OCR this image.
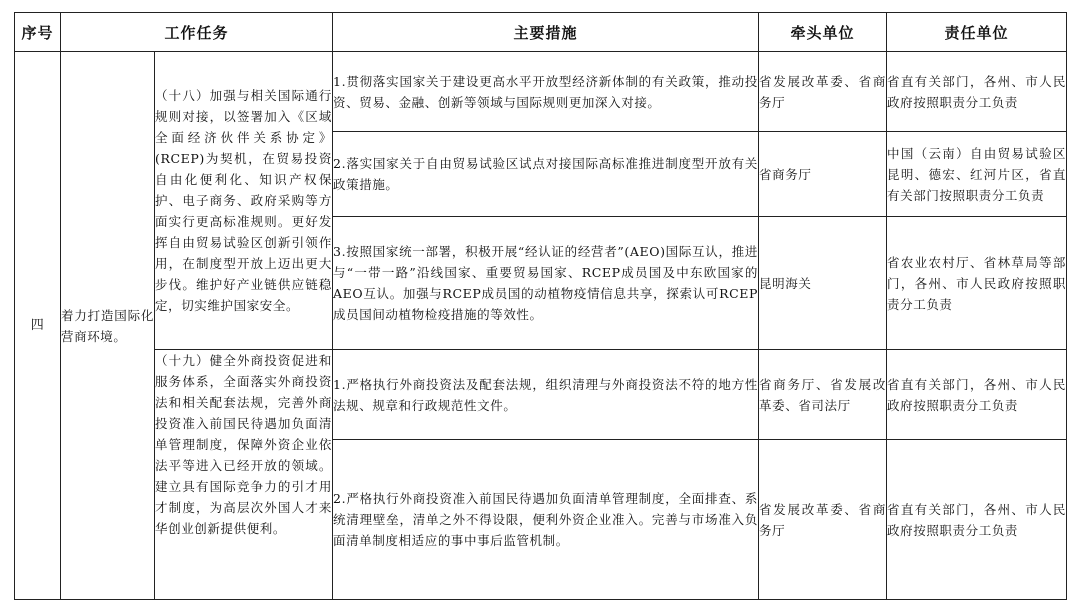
序号	工作任务		主要措施	牵头单位	责任单位
四	着力打造国际化营商环境。	（十八）加强与相关国际通行规则对接，以签署加入《区域全面经济伙伴关系协定》(RCEP)为契机，在贸易投资自由化便利化、知识产权保护、电子商务、政府采购等方面实行更高标准规则。更好发挥自由贸易试验区创新引领作用，在制度型开放上迈出更大步伐。维护好产业链供应链稳定，切实维护国家安全。	1.贯彻落实国家关于建设更高水平开放型经济新体制的有关政策，推动投资、贸易、金融、创新等领域与国际规则更加深入对接。	省发展改革委、省商务厅	省直有关部门，各州、市人民政府按照职责分工负责
			2.落实国家关于自由贸易试验区试点对接国际高标准推进制度型开放有关政策措施。	省商务厅	中国（云南）自由贸易试验区昆明、德宏、红河片区，省直有关部门按照职责分工负责
			3.按照国家统一部署，积极开展“经认证的经营者”(AEO)国际互认，推进与“一带一路”沿线国家、重要贸易国家、RCEP成员国及中东欧国家的AEO互认。加强与RCEP成员国的动植物疫情信息共享，探索认可RCEP成员国间动植物检疫措施的等效性。	昆明海关	省农业农村厅、省林草局等部门，各州、市人民政府按照职责分工负责
		（十九）健全外商投资促进和服务体系，全面落实外商投资法和相关配套法规，完善外商投资准入前国民待遇加负面清单管理制度，保障外资企业依法平等进入已经开放的领域。建立具有国际竞争力的引才用才制度，为高层次外国人才来华创业创新提供便利。	1.严格执行外商投资法及配套法规，组织清理与外商投资法不符的地方性法规、规章和行政规范性文件。	省商务厅、省发展改革委、省司法厅	省直有关部门，各州、市人民政府按照职责分工负责
			2.严格执行外商投资准入前国民待遇加负面清单管理制度，全面排查、系统清理壁垒，清单之外不得设限，便利外资企业准入。完善与市场准入负面清单制度相适应的事中事后监管机制。	省发展改革委、省商务厅	省直有关部门，各州、市人民政府按照职责分工负责
